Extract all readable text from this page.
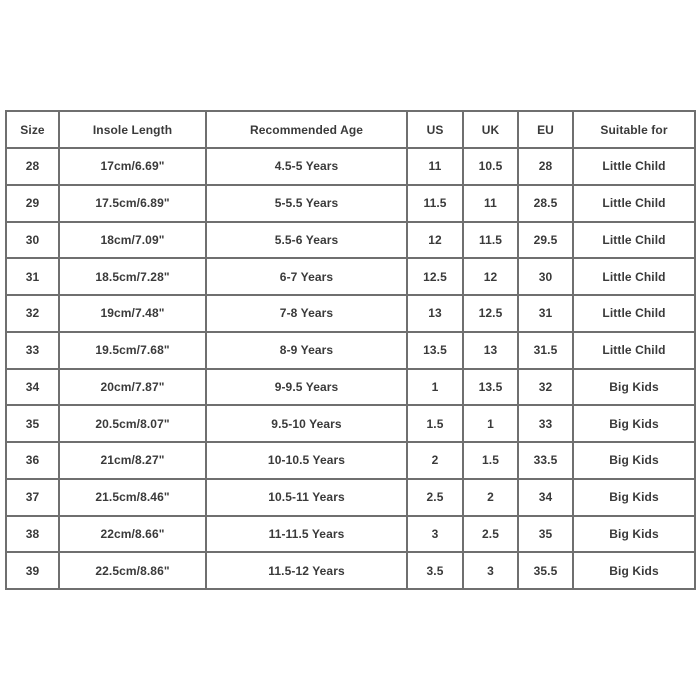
Size	Insole Length	Recommended Age	US	UK	EU	Suitable for
28	17cm/6.69"	4.5-5 Years	11	10.5	28	Little Child
29	17.5cm/6.89"	5-5.5 Years	11.5	11	28.5	Little Child
30	18cm/7.09"	5.5-6 Years	12	11.5	29.5	Little Child
31	18.5cm/7.28"	6-7 Years	12.5	12	30	Little Child
32	19cm/7.48"	7-8 Years	13	12.5	31	Little Child
33	19.5cm/7.68"	8-9 Years	13.5	13	31.5	Little Child
34	20cm/7.87"	9-9.5 Years	1	13.5	32	Big Kids
35	20.5cm/8.07"	9.5-10 Years	1.5	1	33	Big Kids
36	21cm/8.27"	10-10.5 Years	2	1.5	33.5	Big Kids
37	21.5cm/8.46"	10.5-11 Years	2.5	2	34	Big Kids
38	22cm/8.66"	11-11.5 Years	3	2.5	35	Big Kids
39	22.5cm/8.86"	11.5-12 Years	3.5	3	35.5	Big Kids
